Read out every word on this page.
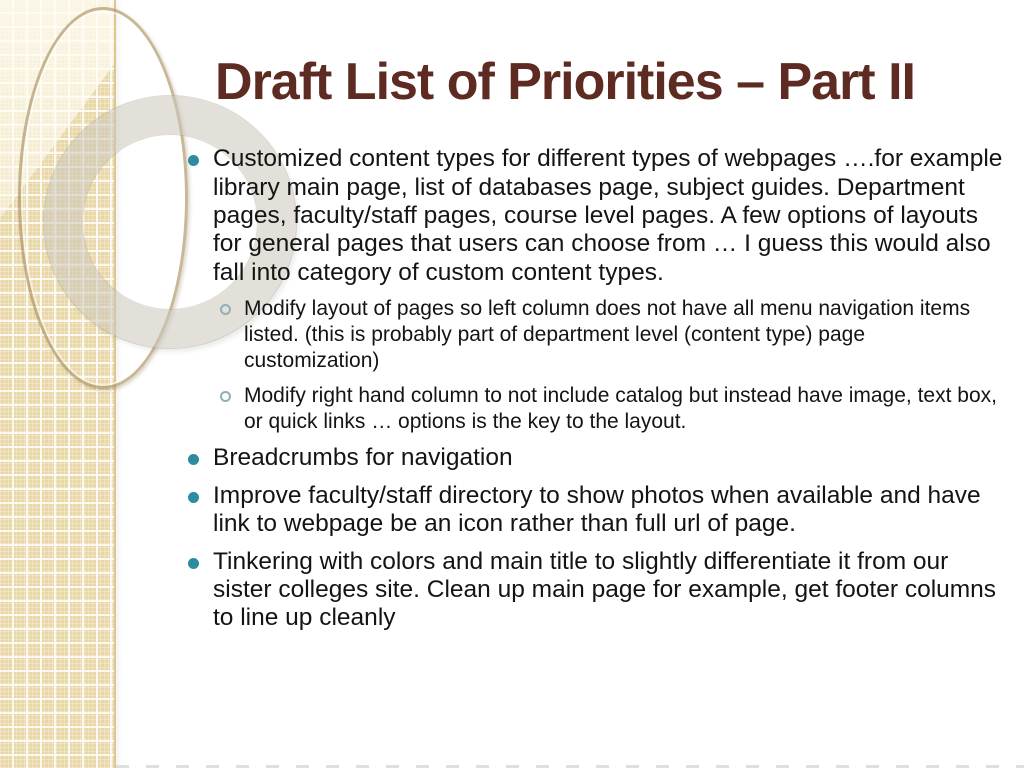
Draft List of Priorities – Part II
Customized content types for different types of webpages ….for example library main page, list of databases page, subject guides. Department pages, faculty/staff pages, course level pages. A few options of layouts for general pages that users can choose from … I guess this would also fall into category of custom content types.
Modify layout of pages so left column does not have all menu navigation items listed. (this is probably part of department level (content type) page customization)
Modify right hand column to not include catalog but instead have image, text box, or quick links … options is the key to the layout.
Breadcrumbs for navigation
Improve faculty/staff directory to show photos when available and have link to webpage be an icon rather than full url of page.
Tinkering with colors and main title to slightly differentiate it from our sister colleges site. Clean up main page for example, get footer columns to line up cleanly
